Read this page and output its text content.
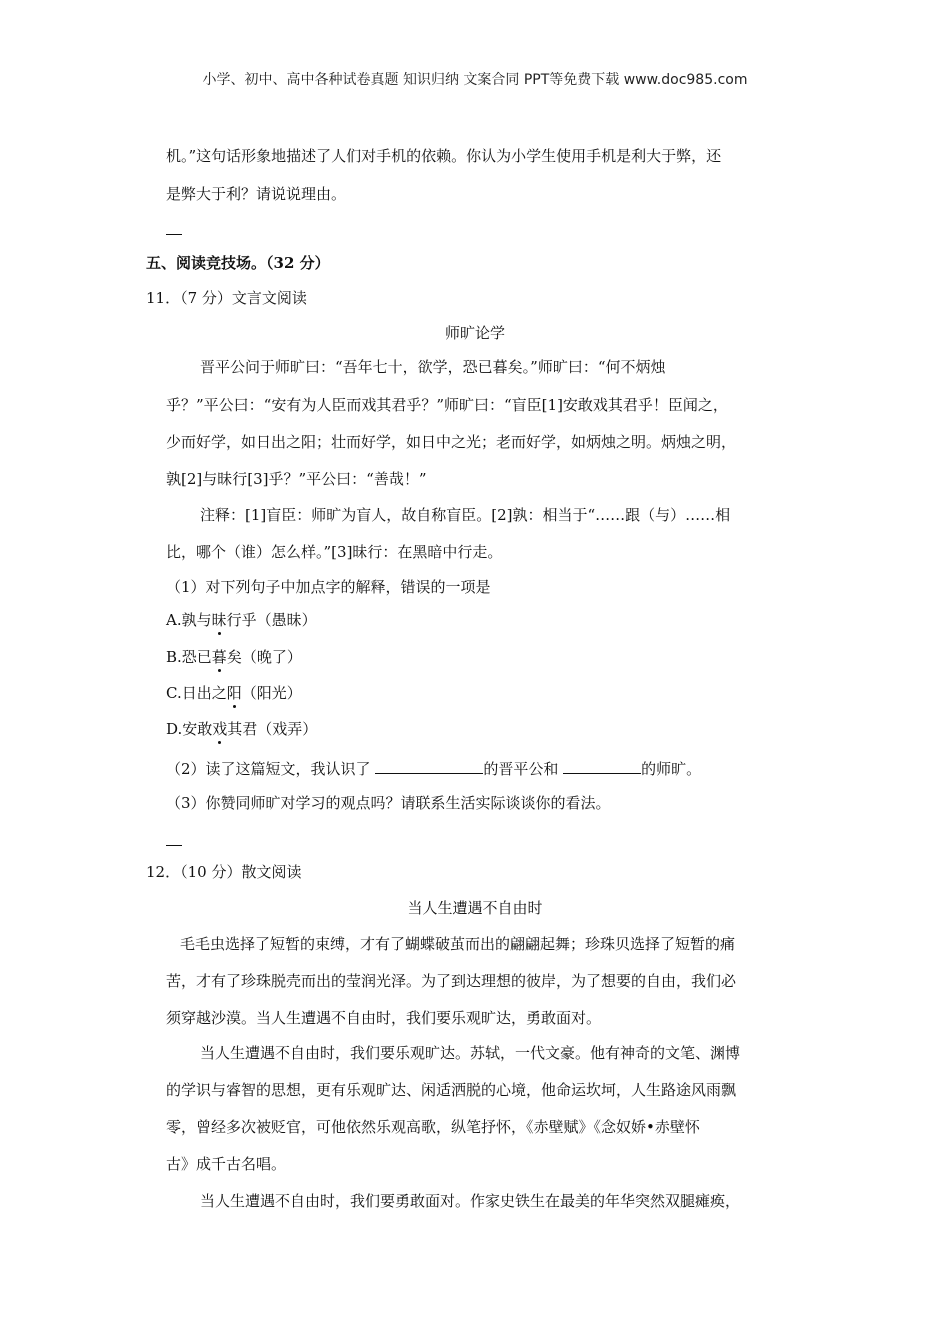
小学、初中、高中各种试卷真题 知识归纳 文案合同 PPT等免费下载 www.doc985.com
机。”这句话形象地描述了人们对手机的依赖。你认为小学生使用手机是利大于弊，还
是弊大于利？请说说理由。
五、阅读竞技场。（32 分）
11．（7 分）文言文阅读
师旷论学
晋平公问于师旷曰：“吾年七十，欲学，恐已暮矣。”师旷曰：“何不炳烛
乎？”平公曰：“安有为人臣而戏其君乎？”师旷曰：“盲臣[1]安敢戏其君乎！臣闻之，
少而好学，如日出之阳；壮而好学，如日中之光；老而好学，如炳烛之明。炳烛之明，
孰[2]与昧行[3]乎？”平公曰：“善哉！”
注释：[1]盲臣：师旷为盲人，故自称盲臣。[2]孰：相当于“……跟（与）……相
比，哪个（谁）怎么样。”[3]昧行：在黑暗中行走。
（1）对下列句子中加点字的解释，错误的一项是
A.孰与昧行乎（愚昧）
B.恐已暮矣（晚了）
C.日出之阳（阳光）
D.安敢戏其君（戏弄）
（2）读了这篇短文，我认识了	的晋平公和	的师旷。
（3）你赞同师旷对学习的观点吗？请联系生活实际谈谈你的看法。
12．（10 分）散文阅读
当人生遭遇不自由时
毛毛虫选择了短暂的束缚，才有了蝴蝶破茧而出的翩翩起舞；珍珠贝选择了短暂的痛
苦，才有了珍珠脱壳而出的莹润光泽。为了到达理想的彼岸，为了想要的自由，我们必
须穿越沙漠。当人生遭遇不自由时，我们要乐观旷达，勇敢面对。
当人生遭遇不自由时，我们要乐观旷达。苏轼，一代文豪。他有神奇的文笔、渊博
的学识与睿智的思想，更有乐观旷达、闲适洒脱的心境，他命运坎坷，人生路途风雨飘
零，曾经多次被贬官，可他依然乐观高歌，纵笔抒怀，《赤壁赋》《念奴娇•赤壁怀
古》成千古名唱。
当人生遭遇不自由时，我们要勇敢面对。作家史铁生在最美的年华突然双腿瘫痪，
